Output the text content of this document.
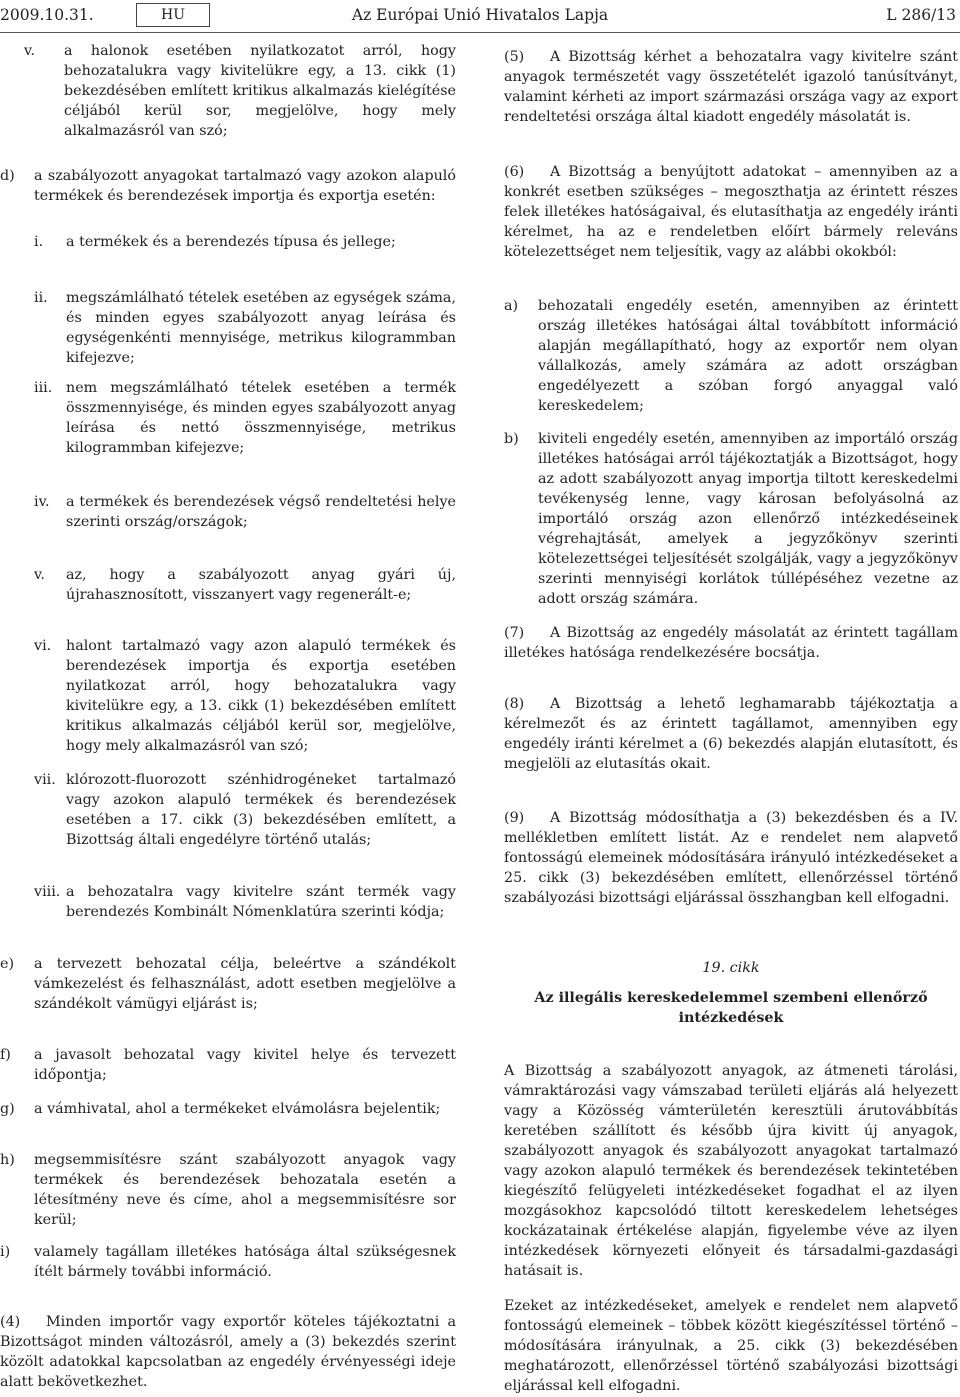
2009.10.31.	HU	Az Európai Unió Hivatalos Lapja	L 286/13
v. a halonok esetében nyilatkozatot arról, hogy behozatalukra vagy kivitelükre egy, a 13. cikk (1) bekezdésében említett kritikus alkalmazás kielégítése céljából kerül sor, megjelölve, hogy mely alkalmazásról van szó;

d) a szabályozott anyagokat tartalmazó vagy azokon alapuló termékek és berendezések importja és exportja esetén:

i. a termékek és a berendezés típusa és jellege;

ii. megszámlálható tételek esetében az egységek száma, és minden egyes szabályozott anyag leírása és egységenkénti mennyisége, metrikus kilogrammban kifejezve;

iii. nem megszámlálható tételek esetében a termék összmennyisége, és minden egyes szabályozott anyag leírása és nettó összmennyisége, metrikus kilogrammban kifejezve;

iv. a termékek és berendezések végső rendeltetési helye szerinti ország/országok;

v. az, hogy a szabályozott anyag gyári új, újrahasznosított, visszanyert vagy regenerált-e;

vi. halont tartalmazó vagy azon alapuló termékek és berendezések importja és exportja esetében nyilatkozat arról, hogy behozatalukra vagy kivitelükre egy, a 13. cikk (1) bekezdésében említett kritikus alkalmazás céljából kerül sor, megjelölve, hogy mely alkalmazásról van szó;

vii. klórozott-fluorozott szénhidrogéneket tartalmazó vagy azokon alapuló termékek és berendezések esetében a 17. cikk (3) bekezdésében említett, a Bizottság általi engedélyre történő utalás;

viii. a behozatalra vagy kivitelre szánt termék vagy berendezés Kombinált Nómenklatúra szerinti kódja;

e) a tervezett behozatal célja, beleértve a szándékolt vámkezelést és felhasználást, adott esetben megjelölve a szándékolt vámügyi eljárást is;

f) a javasolt behozatal vagy kivitel helye és tervezett időpontja;

g) a vámhivatal, ahol a termékeket elvámolásra bejelentik;

h) megsemmisítésre szánt szabályozott anyagok vagy termékek és berendezések behozatala esetén a létesítmény neve és címe, ahol a megsemmisítésre sor kerül;

i) valamely tagállam illetékes hatósága által szükségesnek ítélt bármely további információ.

(4) Minden importőr vagy exportőr köteles tájékoztatni a Bizottságot minden változásról, amely a (3) bekezdés szerint közölt adatokkal kapcsolatban az engedély érvényességi ideje alatt bekövetkezhet.

(5) A Bizottság kérhet a behozatalra vagy kivitelre szánt anyagok természetét vagy összetételét igazoló tanúsítványt, valamint kérheti az import származási országa vagy az export rendeltetési országa által kiadott engedély másolatát is.

(6) A Bizottság a benyújtott adatokat – amennyiben az a konkrét esetben szükséges – megoszthatja az érintett részes felek illetékes hatóságaival, és elutasíthatja az engedély iránti kérelmet, ha az e rendeletben előírt bármely releváns kötelezettséget nem teljesítik, vagy az alábbi okokból:

a) behozatali engedély esetén, amennyiben az érintett ország illetékes hatóságai által továbbított információ alapján megállapítható, hogy az exportőr nem olyan vállalkozás, amely számára az adott országban engedélyezett a szóban forgó anyaggal való kereskedelem;

b) kiviteli engedély esetén, amennyiben az importáló ország illetékes hatóságai arról tájékoztatják a Bizottságot, hogy az adott szabályozott anyag importja tiltott kereskedelmi tevékenység lenne, vagy károsan befolyásolná az importáló ország azon ellenőrző intézkedéseinek végrehajtását, amelyek a jegyzőkönyv szerinti kötelezettségei teljesítését szolgálják, vagy a jegyzőkönyv szerinti mennyiségi korlátok túllépéséhez vezetne az adott ország számára.

(7) A Bizottság az engedély másolatát az érintett tagállam illetékes hatósága rendelkezésére bocsátja.

(8) A Bizottság a lehető leghamarabb tájékoztatja a kérelmezőt és az érintett tagállamot, amennyiben egy engedély iránti kérelmet a (6) bekezdés alapján elutasított, és megjelöli az elutasítás okait.

(9) A Bizottság módosíthatja a (3) bekezdésben és a IV. mellékletben említett listát. Az e rendelet nem alapvető fontosságú elemeinek módosítására irányuló intézkedéseket a 25. cikk (3) bekezdésében említett, ellenőrzéssel történő szabályozási bizottsági eljárással összhangban kell elfogadni.

19. cikk
Az illegális kereskedelemmel szembeni ellenőrző intézkedések

A Bizottság a szabályozott anyagok, az átmeneti tárolási, vámraktározási vagy vámszabad területi eljárás alá helyezett vagy a Közösség vámterületén keresztüli árutovábbítás keretében szállított és később újra kivitt új anyagok, szabályozott anyagok és szabályozott anyagokat tartalmazó vagy azokon alapuló termékek és berendezések tekintetében kiegészítő felügyeleti intézkedéseket fogadhat el az ilyen mozgásokhoz kapcsolódó tiltott kereskedelem lehetséges kockázatainak értékelése alapján, figyelembe véve az ilyen intézkedések környezeti előnyeit és társadalmi-gazdasági hatásait is.

Ezeket az intézkedéseket, amelyek e rendelet nem alapvető fontosságú elemeinek – többek között kiegészítéssel történő – módosítására irányulnak, a 25. cikk (3) bekezdésében meghatározott, ellenőrzéssel történő szabályozási bizottsági eljárással kell elfogadni.
